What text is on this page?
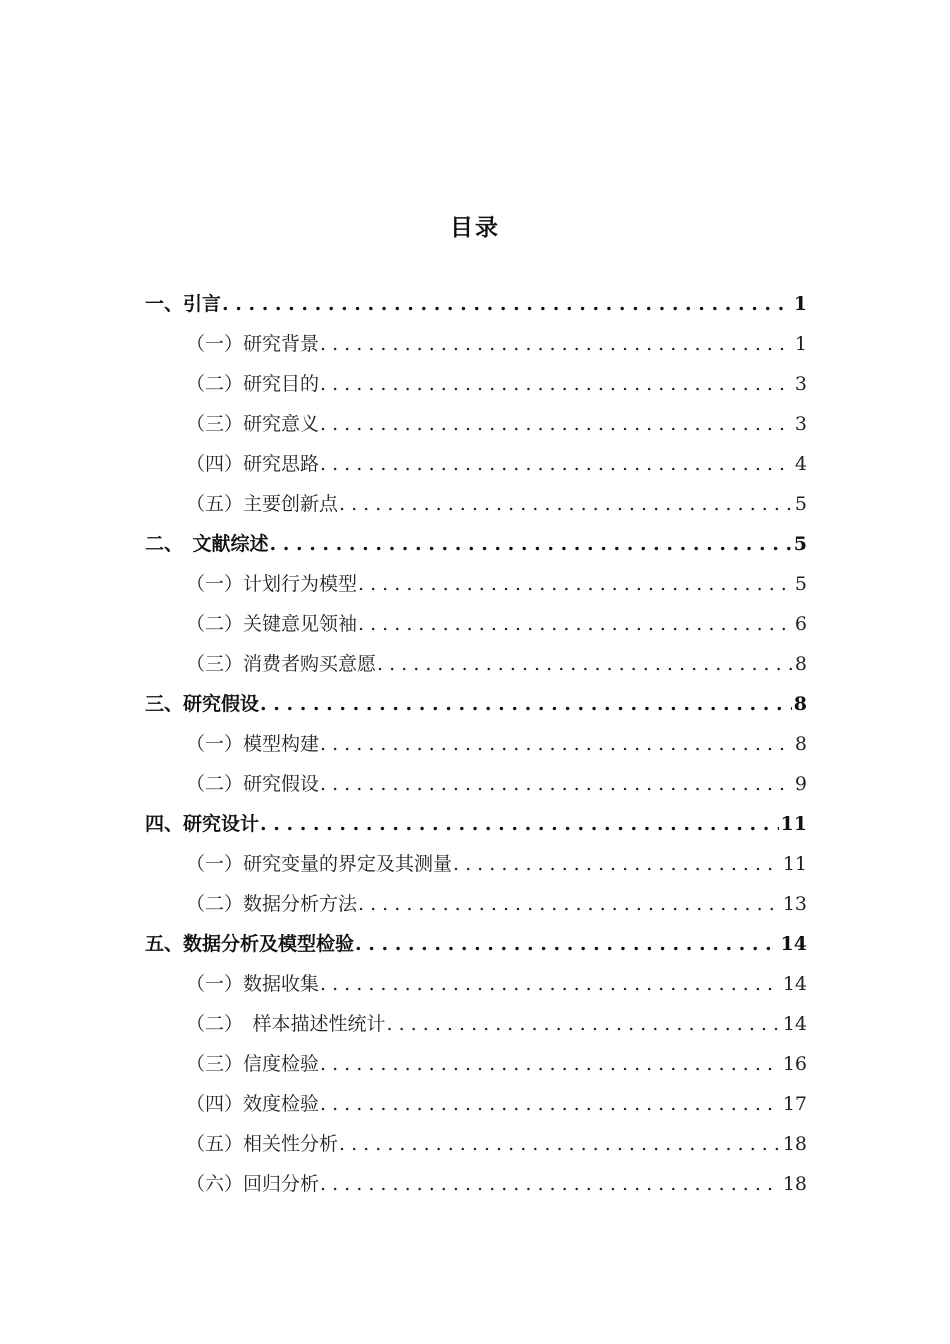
目录
一、引言 . . .	1
（一）研究背景 . . .	1
（二）研究目的 . . .	3
（三）研究意义 . . .	3
（四）研究思路 . . .	4
（五）主要创新点 . . .	5
二、　文献综述 . . .	5
（一）计划行为模型 . . .	5
（二）关键意见领袖 . . .	6
（三）消费者购买意愿 . . .	8
三、研究假设 . . .	8
（一）模型构建 . . .	8
（二）研究假设 . . .	9
四、研究设计 . . .	11
（一）研究变量的界定及其测量 . . .	11
（二）数据分析方法 . . .	13
五、数据分析及模型检验 . . .	14
（一）数据收集 . . .	14
（二）　样本描述性统计 . . .	14
（三）信度检验 . . .	16
（四）效度检验 . . .	17
（五）相关性分析 . . .	18
（六）回归分析 . . .	18
